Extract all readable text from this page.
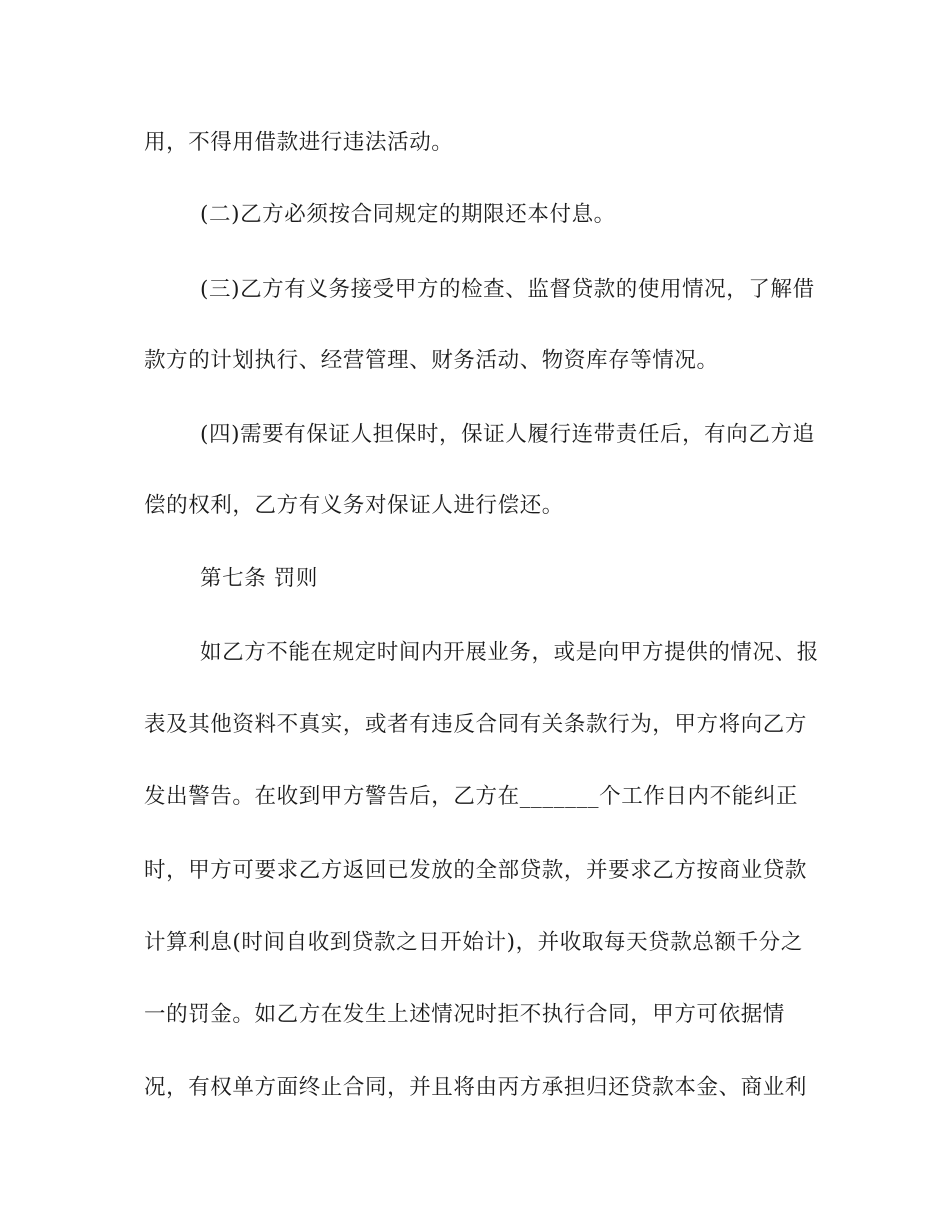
用，不得用借款进行违法活动。
(二)乙方必须按合同规定的期限还本付息。
(三)乙方有义务接受甲方的检查、监督贷款的使用情况，了解借
款方的计划执行、经营管理、财务活动、物资库存等情况。
(四)需要有保证人担保时，保证人履行连带责任后，有向乙方追
偿的权利，乙方有义务对保证人进行偿还。
第七条 罚则
如乙方不能在规定时间内开展业务，或是向甲方提供的情况、报
表及其他资料不真实，或者有违反合同有关条款行为，甲方将向乙方
发出警告。在收到甲方警告后，乙方在_______个工作日内不能纠正
时，甲方可要求乙方返回已发放的全部贷款，并要求乙方按商业贷款
计算利息(时间自收到贷款之日开始计)，并收取每天贷款总额千分之
一的罚金。如乙方在发生上述情况时拒不执行合同，甲方可依据情
况，有权单方面终止合同，并且将由丙方承担归还贷款本金、商业利
